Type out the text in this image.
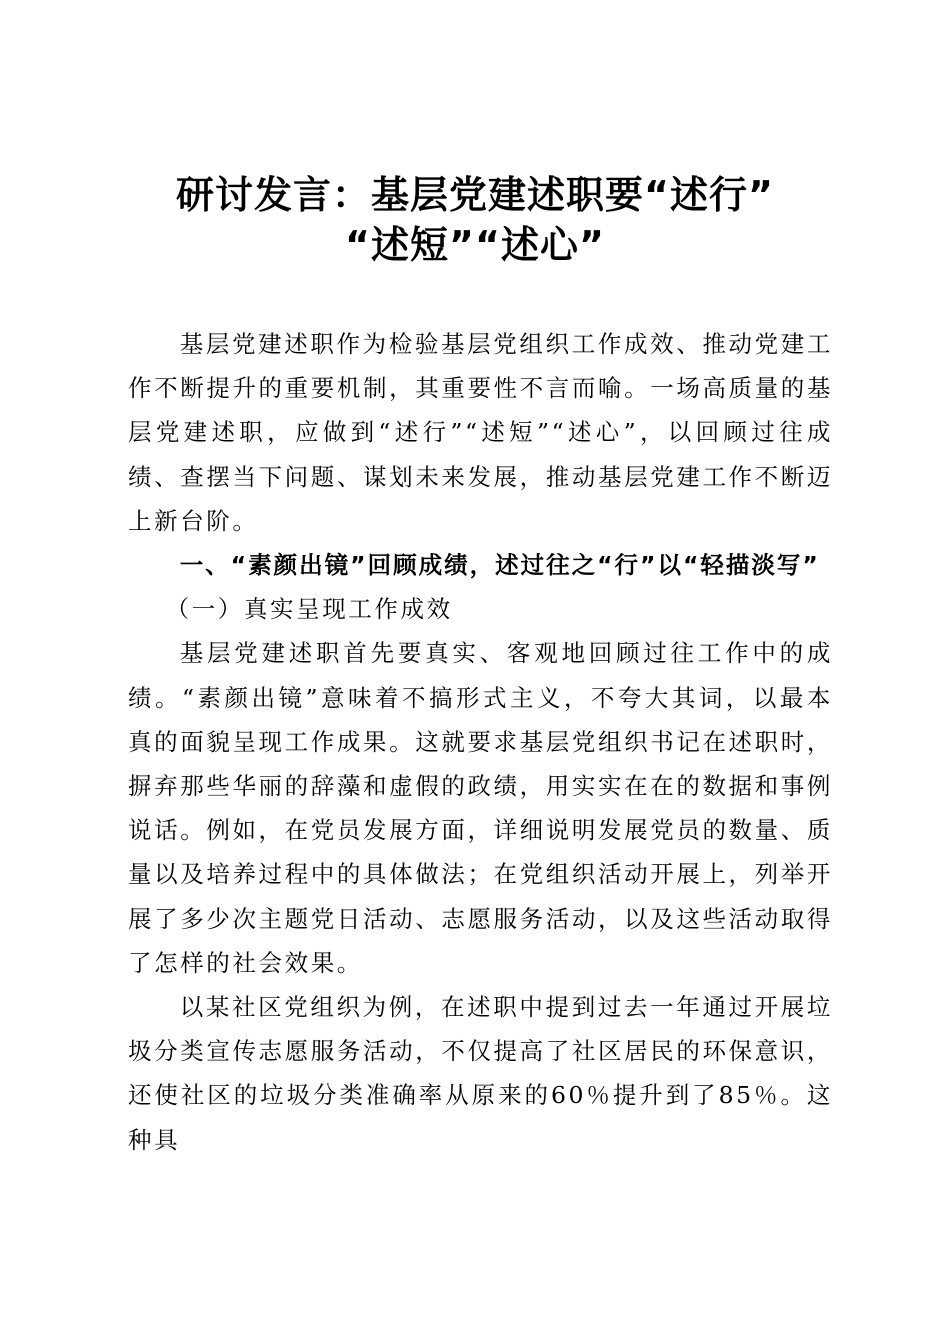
研讨发言：基层党建述职要“述行”
“述短”“述心”

基层党建述职作为检验基层党组织工作成效、推动党建工作不断提升的重要机制，其重要性不言而喻。一场高质量的基层党建述职，应做到“述行”“述短”“述心”，以回顾过往成绩、查摆当下问题、谋划未来发展，推动基层党建工作不断迈上新台阶。

一、“素颜出镜”回顾成绩，述过往之“行”以“轻描淡写”

（一）真实呈现工作成效

基层党建述职首先要真实、客观地回顾过往工作中的成绩。“素颜出镜”意味着不搞形式主义，不夸大其词，以最本真的面貌呈现工作成果。这就要求基层党组织书记在述职时，摒弃那些华丽的辞藻和虚假的政绩，用实实在在的数据和事例说话。例如，在党员发展方面，详细说明发展党员的数量、质量以及培养过程中的具体做法；在党组织活动开展上，列举开展了多少次主题党日活动、志愿服务活动，以及这些活动取得了怎样的社会效果。

以某社区党组织为例，在述职中提到过去一年通过开展垃圾分类宣传志愿服务活动，不仅提高了社区居民的环保意识，还使社区的垃圾分类准确率从原来的60％提升到了85％。这种具
